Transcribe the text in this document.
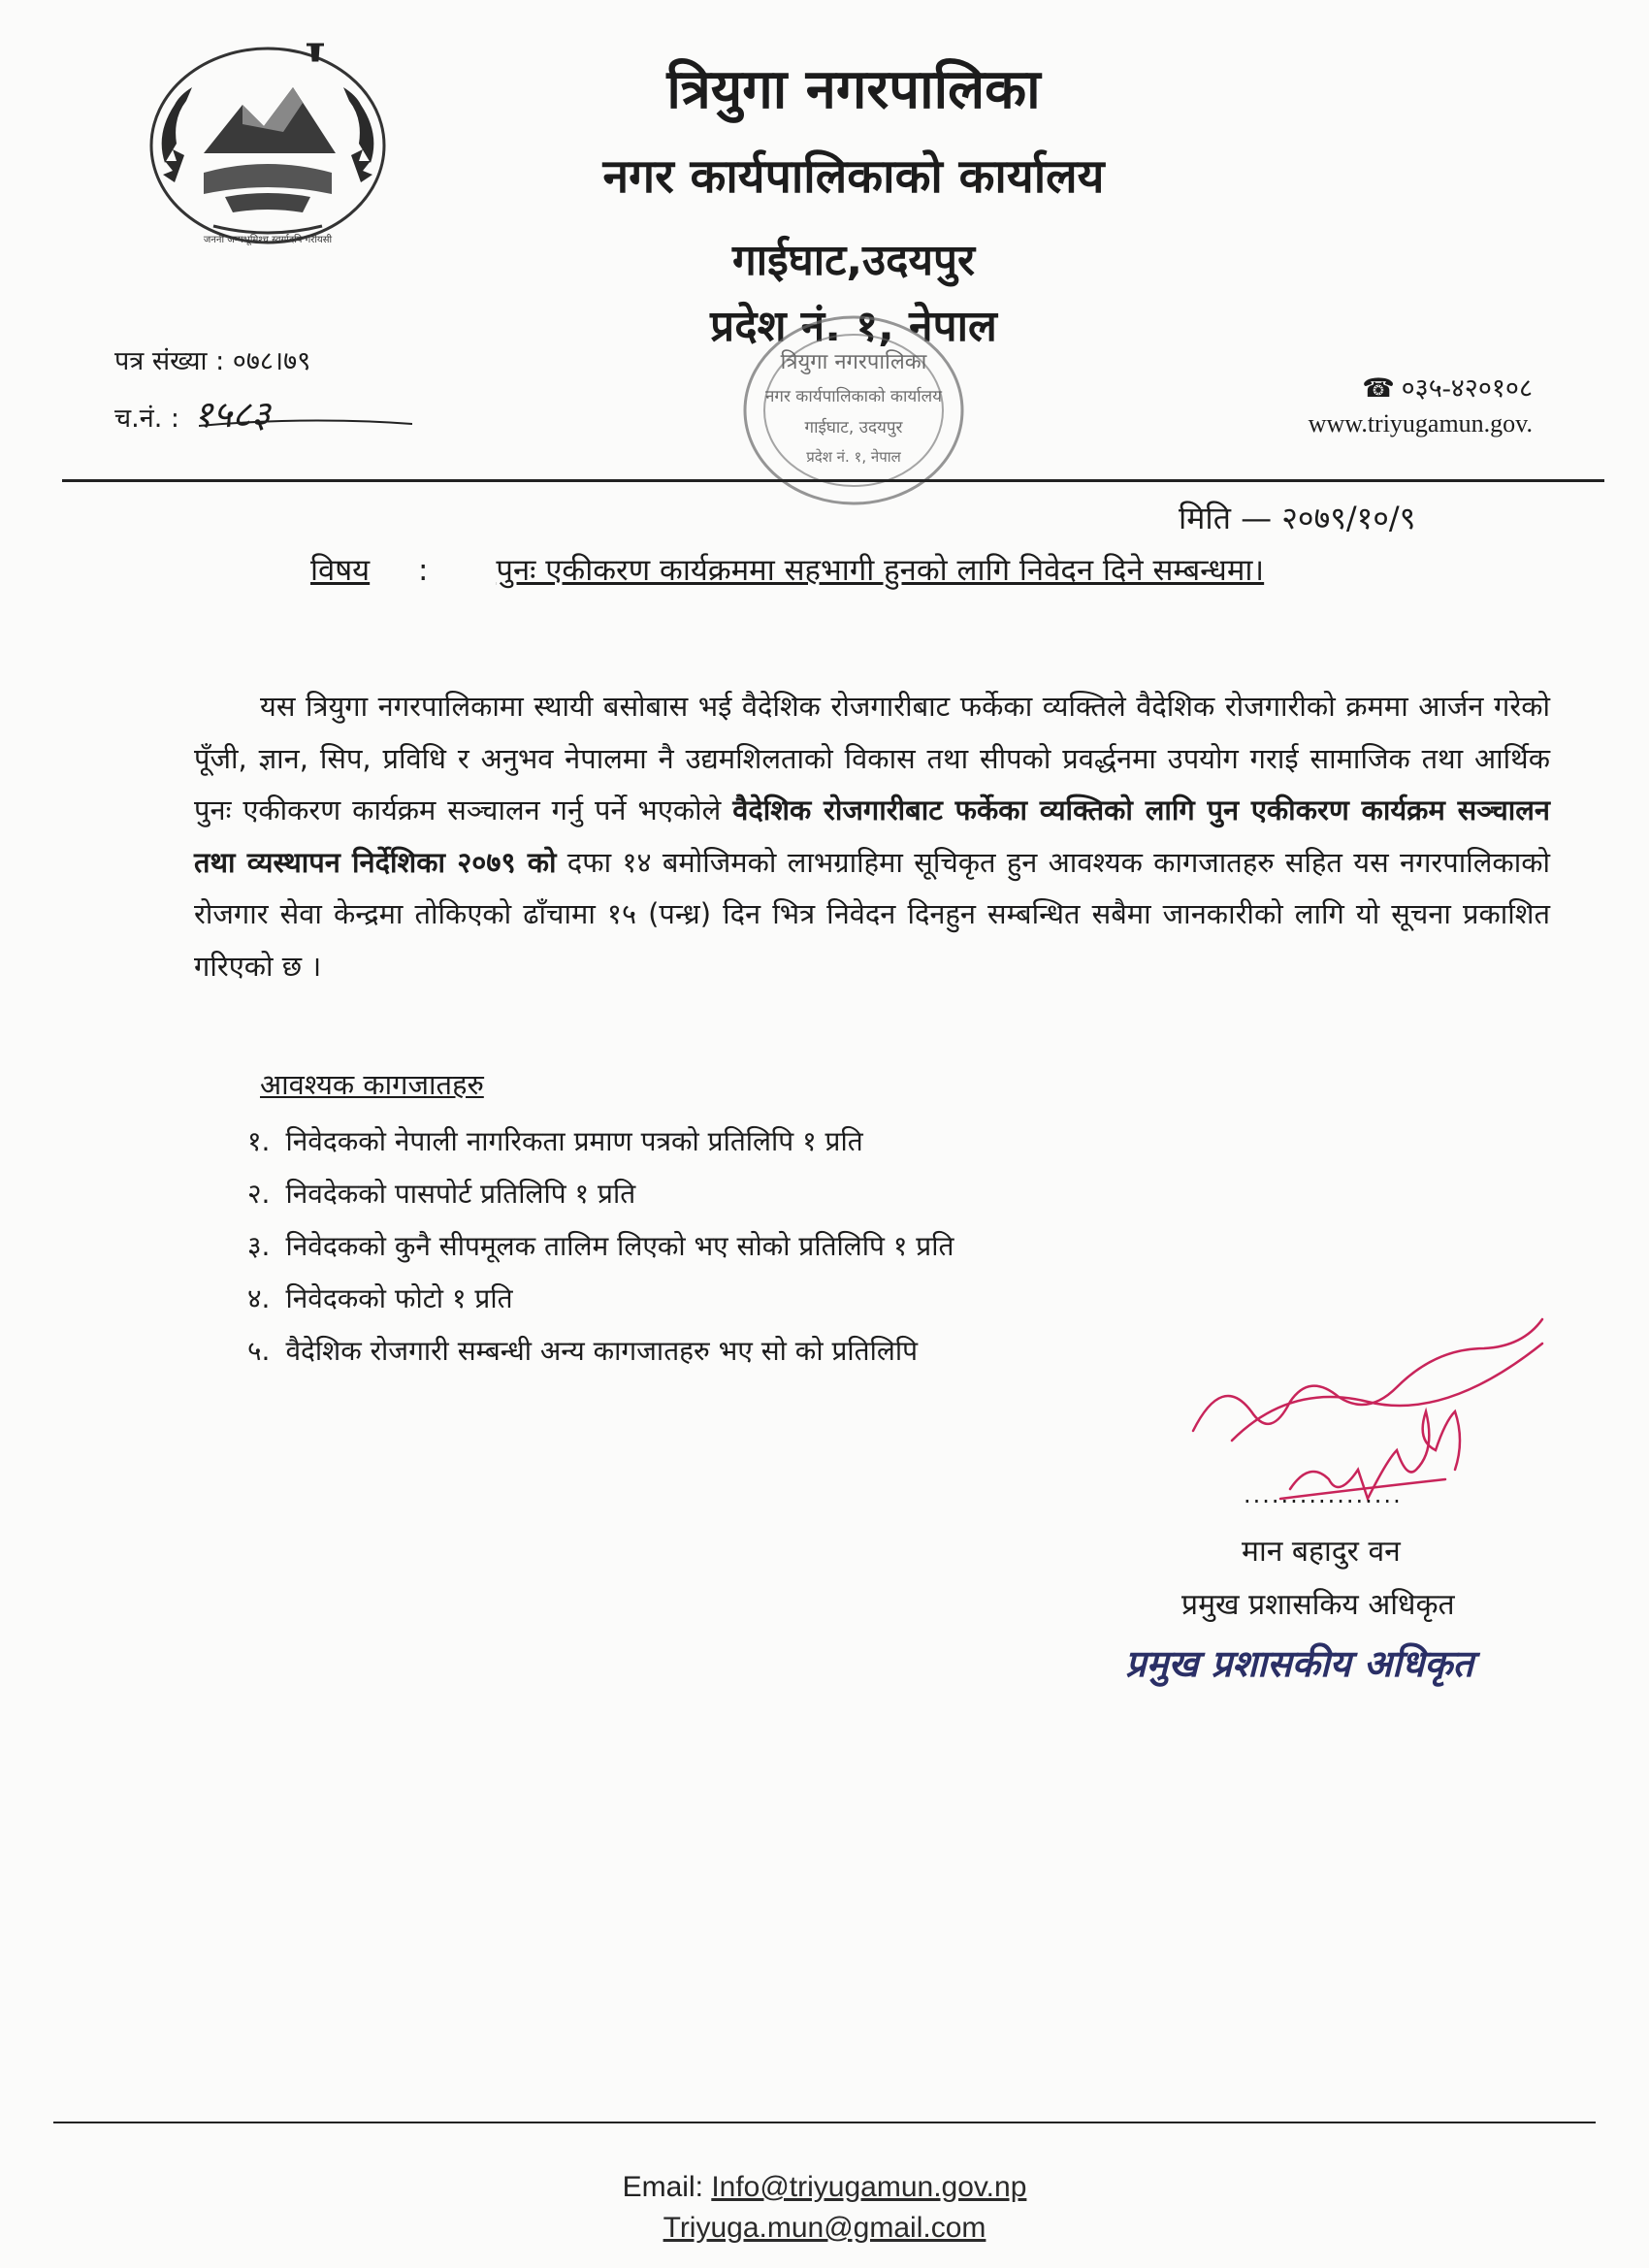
जननी जन्मभूमिश्च स्वर्गादपि गरीयसी
त्रियुगा नगरपालिका
नगर कार्यपालिकाको कार्यालय
गाईघाट,उदयपुर
प्रदेश नं. १, नेपाल
त्रियुगा नगरपालिका
नगर कार्यपालिकाको कार्यालय
गाईघाट, उदयपुर
प्रदेश नं. १, नेपाल
पत्र संख्या : ०७८।७९
च.नं. : १५८३
☎ ०३५-४२०१०८
www.triyugamun.gov.
मिति — २०७९/१०/९
विषय : पुनः एकीकरण कार्यक्रममा सहभागी हुनको लागि निवेदन दिने सम्बन्धमा।
यस त्रियुगा नगरपालिकामा स्थायी बसोबास भई वैदेशिक रोजगारीबाट फर्केका व्यक्तिले वैदेशिक रोजगारीको क्रममा आर्जन गरेको पूँजी, ज्ञान, सिप, प्रविधि र अनुभव नेपालमा नै उद्यमशिलताको विकास तथा सीपको प्रवर्द्धनमा उपयोग गराई सामाजिक तथा आर्थिक पुनः एकीकरण कार्यक्रम सञ्चालन गर्नु पर्ने भएकोले वैदेशिक रोजगारीबाट फर्केका व्यक्तिको लागि पुन एकीकरण कार्यक्रम सञ्चालन तथा व्यस्थापन निर्देशिका २०७९ को दफा १४ बमोजिमको लाभग्राहिमा सूचिकृत हुन आवश्यक कागजातहरु सहित यस नगरपालिकाको रोजगार सेवा केन्द्रमा तोकिएको ढाँचामा १५ (पन्ध्र) दिन भित्र निवेदन दिनहुन सम्बन्धित सबैमा जानकारीको लागि यो सूचना प्रकाशित गरिएको छ ।
आवश्यक कागजातहरु
१. निवेदकको नेपाली नागरिकता प्रमाण पत्रको प्रतिलिपि १ प्रति
२. निवदेकको पासपोर्ट प्रतिलिपि १ प्रति
३. निवेदकको कुनै सीपमूलक तालिम लिएको भए सोको प्रतिलिपि १ प्रति
४. निवेदकको फोटो १ प्रति
५. वैदेशिक रोजगारी सम्बन्धी अन्य कागजातहरु भए सो को प्रतिलिपि
.................
मान बहादुर वन
प्रमुख प्रशासकिय अधिकृत
प्रमुख प्रशासकीय अधिकृत
Email: Info@triyugamun.gov.np
Triyuga.mun@gmail.com
